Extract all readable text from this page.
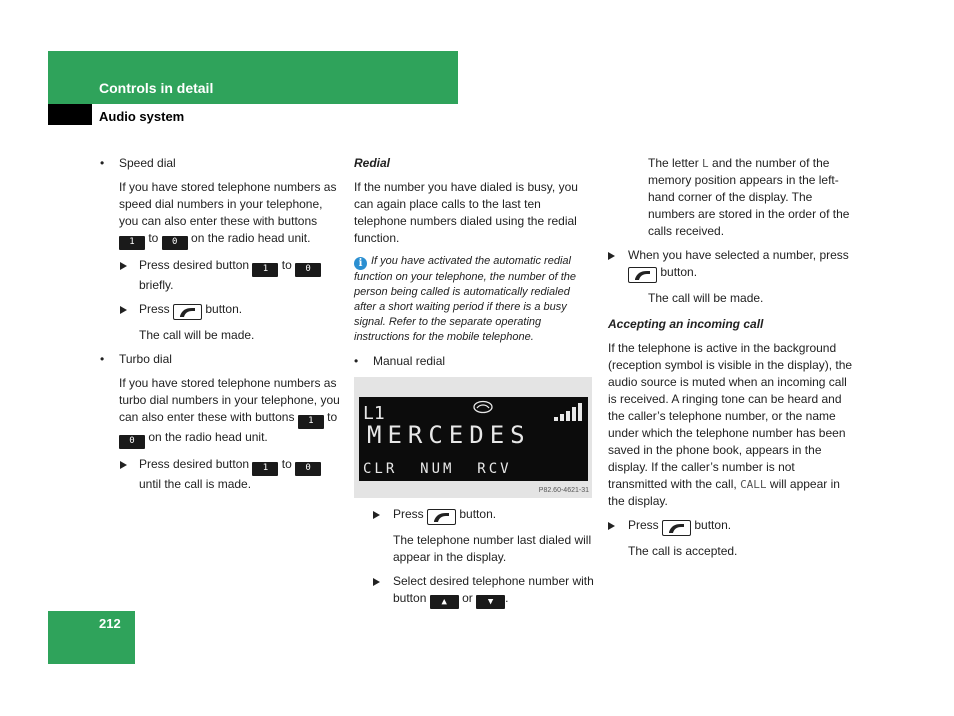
Controls in detail
Audio system

• Speed dial

If you have stored telephone numbers as speed dial numbers in your telephone, you can also enter these with buttons 1 to 0 on the radio head unit.

Press desired button 1 to 0 briefly.

Press	button.

The call will be made.

• Turbo dial

If you have stored telephone numbers as turbo dial numbers in your telephone, you can also enter these with buttons 1 to 0 on the radio head unit.

Press desired button 1 to 0 until the call is made.

Redial

If the number you have dialed is busy, you can again place calls to the last ten telephone numbers dialed using the redial function.

i If you have activated the automatic redial function on your telephone, the number of the person being called is automatically redialed after a short waiting period if there is a busy signal. Refer to the separate operating instructions for the mobile telephone.

• Manual redial

L1
MERCEDES
CLR  NUM  RCV
P82.60-4621-31

Press	button.

The telephone number last dialed will appear in the display.

Select desired telephone number with button ▲ or ▼ .

The letter L and the number of the memory position appears in the left-hand corner of the display. The numbers are stored in the order of the calls received.

When you have selected a number, press  button.

The call will be made.

Accepting an incoming call

If the telephone is active in the background (reception symbol is visible in the display), the audio source is muted when an incoming call is received. A ringing tone can be heard and the caller’s telephone number, or the name under which the telephone number has been saved in the phone book, appears in the display. If the caller’s number is not transmitted with the call, CALL will appear in the display.

Press	button.

The call is accepted.

212
